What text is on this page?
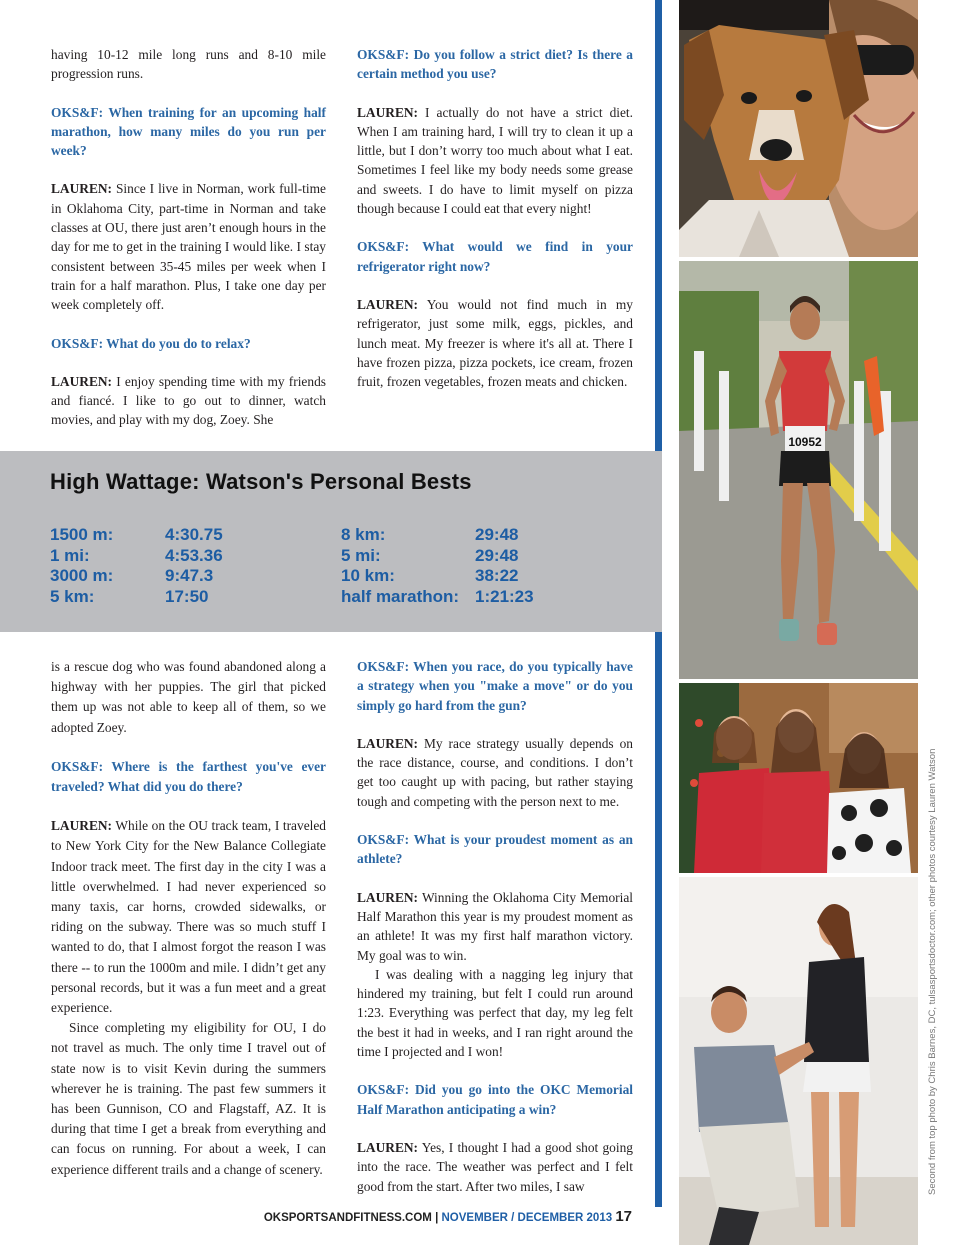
having 10-12 mile long runs and 8-10 mile progression runs.

OKS&F: When training for an upcoming half marathon, how many miles do you run per week?

LAUREN: Since I live in Norman, work full-time in Oklahoma City, part-time in Norman and take classes at OU, there just aren’t enough hours in the day for me to get in the training I would like. I stay consistent between 35-45 miles per week when I train for a half marathon. Plus, I take one day per week completely off.

OKS&F: What do you do to relax?

LAUREN: I enjoy spending time with my friends and fiancé. I like to go out to dinner, watch movies, and play with my dog, Zoey. She

OKS&F: Do you follow a strict diet? Is there a certain method you use?

LAUREN: I actually do not have a strict diet. When I am training hard, I will try to clean it up a little, but I don’t worry too much about what I eat. Sometimes I feel like my body needs some grease and sweets. I do have to limit myself on pizza though because I could eat that every night!

OKS&F: What would we find in your refrigerator right now?

LAUREN: You would not find much in my refrigerator, just some milk, eggs, pickles, and lunch meat. My freezer is where it's all at. There I have frozen pizza, pizza pockets, ice cream, frozen fruit, frozen vegetables, frozen meats and chicken.

High Wattage: Watson's Personal Bests
1500 m:
1 mi:
3000 m:
5 km:
4:30.75
4:53.36
9:47.3
17:50
8 km:
5 mi:
10 km:
half marathon:
29:48
29:48
38:22
1:21:23

is a rescue dog who was found abandoned along a highway with her puppies. The girl that picked them up was not able to keep all of them, so we adopted Zoey.

OKS&F: Where is the farthest you've ever traveled? What did you do there?

LAUREN: While on the OU track team, I traveled to New York City for the New Balance Collegiate Indoor track meet. The first day in the city I was a little overwhelmed. I had never experienced so many taxis, car horns, crowded sidewalks, or riding on the subway. There was so much stuff I wanted to do, that I almost forgot the reason I was there -- to run the 1000m and mile. I didn’t get any personal records, but it was a fun meet and a great experience.

Since completing my eligibility for OU, I do not travel as much. The only time I travel out of state now is to visit Kevin during the summers wherever he is training. The past few summers it has been Gunnison, CO and Flagstaff, AZ. It is during that time I get a break from everything and can focus on running. For about a week, I can experience different trails and a change of scenery.

OKS&F: When you race, do you typically have a strategy when you "make a move" or do you simply go hard from the gun?

LAUREN: My race strategy usually depends on the race distance, course, and conditions. I don’t get too caught up with pacing, but rather staying tough and competing with the person next to me.

OKS&F: What is your proudest moment as an athlete?

LAUREN: Winning the Oklahoma City Memorial Half Marathon this year is my proudest moment as an athlete! It was my first half marathon victory. My goal was to win.

I was dealing with a nagging leg injury that hindered my training, but felt I could run around 1:23. Everything was perfect that day, my leg felt the best it had in weeks, and I ran right around the time I projected and I won!

OKS&F: Did you go into the OKC Memorial Half Marathon anticipating a win?

LAUREN: Yes, I thought I had a good shot going into the race. The weather was perfect and I felt good from the start. After two miles, I saw

10952
Second from top photo by Chris Barnes, DC, tulsasportsdoctor.com; other photos courtesy Lauren Watson
OKSPORTSANDFITNESS.COM | NOVEMBER / DECEMBER 2013 17
